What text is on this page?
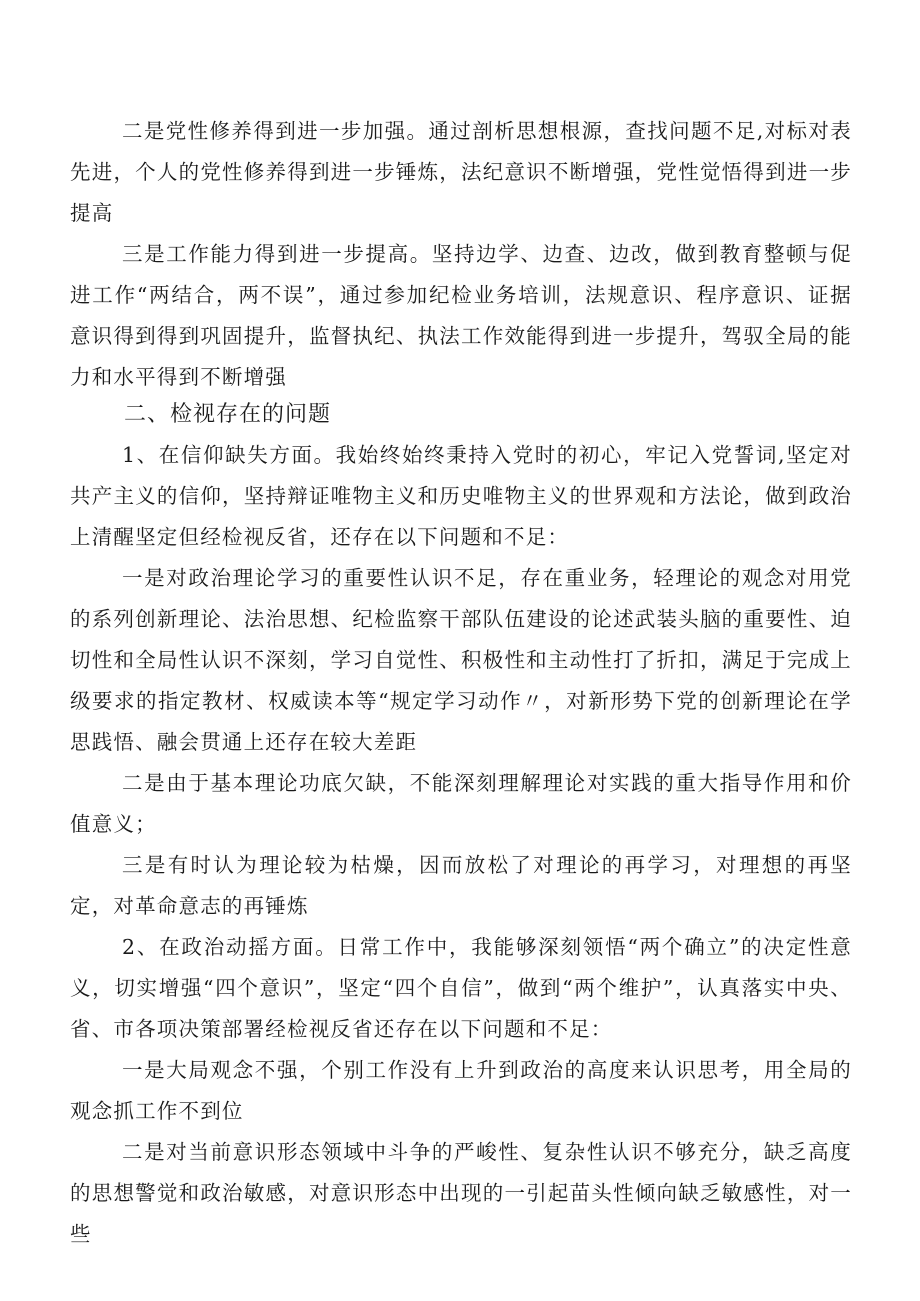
二是党性修养得到进一步加强。通过剖析思想根源，查找问题不足,对标对表先进，个人的党性修养得到进一步锤炼，法纪意识不断增强，党性觉悟得到进一步提高

三是工作能力得到进一步提高。坚持边学、边查、边改，做到教育整顿与促进工作“两结合，两不误”，通过参加纪检业务培训，法规意识、程序意识、证据意识得到得到巩固提升，监督执纪、执法工作效能得到进一步提升，驾驭全局的能力和水平得到不断增强

二、检视存在的问题

1、在信仰缺失方面。我始终始终秉持入党时的初心，牢记入党誓词,坚定对共产主义的信仰，坚持辩证唯物主义和历史唯物主义的世界观和方法论，做到政治上清醒坚定但经检视反省，还存在以下问题和不足：

一是对政治理论学习的重要性认识不足，存在重业务，轻理论的观念对用党的系列创新理论、法治思想、纪检监察干部队伍建设的论述武装头脑的重要性、迫切性和全局性认识不深刻，学习自觉性、积极性和主动性打了折扣，满足于完成上级要求的指定教材、权威读本等“规定学习动作〃，对新形势下党的创新理论在学思践悟、融会贯通上还存在较大差距

二是由于基本理论功底欠缺，不能深刻理解理论对实践的重大指导作用和价值意义；

三是有时认为理论较为枯燥，因而放松了对理论的再学习，对理想的再坚定，对革命意志的再锤炼

2、在政治动摇方面。日常工作中，我能够深刻领悟“两个确立”的决定性意义，切实增强“四个意识”，坚定“四个自信”，做到“两个维护”，认真落实中央、省、市各项决策部署经检视反省还存在以下问题和不足：

一是大局观念不强，个别工作没有上升到政治的高度来认识思考，用全局的观念抓工作不到位

二是对当前意识形态领域中斗争的严峻性、复杂性认识不够充分，缺乏高度的思想警觉和政治敏感，对意识形态中出现的一引起苗头性倾向缺乏敏感性，对一些
